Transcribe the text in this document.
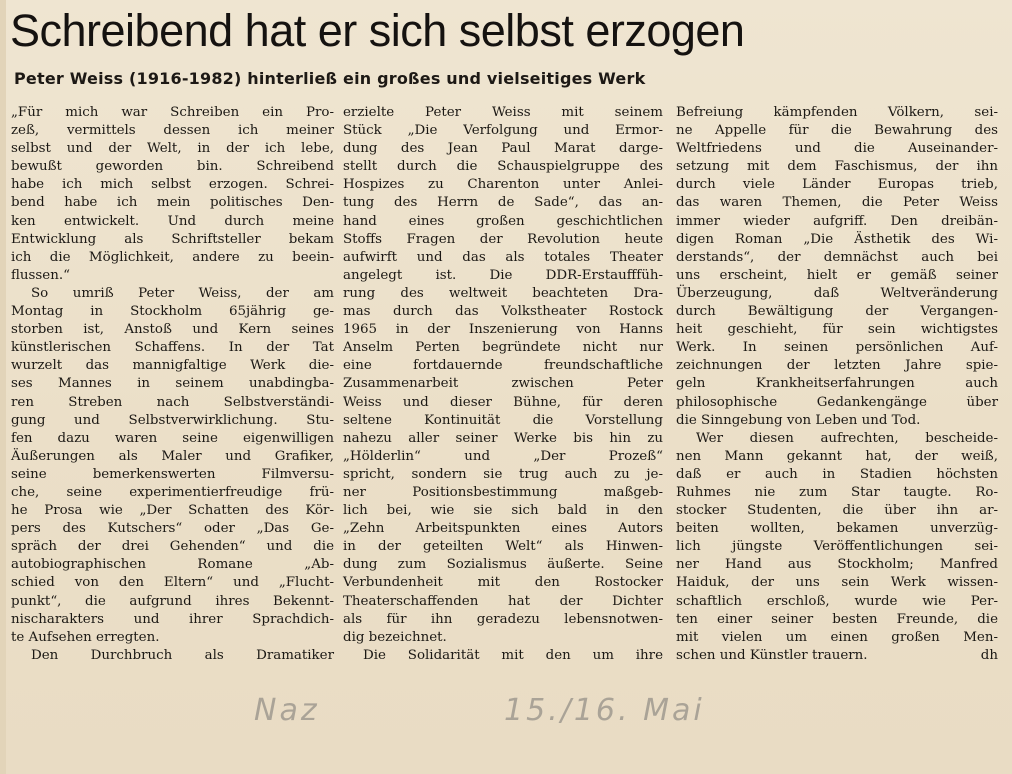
Schreibend hat er sich selbst erzogen
Peter Weiss (1916-1982) hinterließ ein großes und vielseitiges Werk

„Für mich war Schreiben ein Pro-
zeß, vermittels dessen ich meiner
selbst und der Welt, in der ich lebe,
bewußt geworden bin. Schreibend
habe ich mich selbst erzogen. Schrei-
bend habe ich mein politisches Den-
ken entwickelt. Und durch meine
Entwicklung als Schriftsteller bekam
ich die Möglichkeit, andere zu beein-
flussen.“

So umriß Peter Weiss, der am
Montag in Stockholm 65jährig ge-
storben ist, Anstoß und Kern seines
künstlerischen Schaffens. In der Tat
wurzelt das mannigfaltige Werk die-
ses Mannes in seinem unabdingba-
ren Streben nach Selbstverständi-
gung und Selbstverwirklichung. Stu-
fen dazu waren seine eigenwilligen
Äußerungen als Maler und Grafiker,
seine bemerkenswerten Filmversu-
che, seine experimentierfreudige frü-
he Prosa wie „Der Schatten des Kör-
pers des Kutschers“ oder „Das Ge-
spräch der drei Gehenden“ und die
autobiographischen Romane „Ab-
schied von den Eltern“ und „Flucht-
punkt“, die aufgrund ihres Bekennt-
nischarakters und ihrer Sprachdich-
te Aufsehen erregten.

Den Durchbruch als Dramatiker

erzielte Peter Weiss mit seinem
Stück „Die Verfolgung und Ermor-
dung des Jean Paul Marat darge-
stellt durch die Schauspielgruppe des
Hospizes zu Charenton unter Anlei-
tung des Herrn de Sade“, das an-
hand eines großen geschichtlichen
Stoffs Fragen der Revolution heute
aufwirft und das als totales Theater
angelegt ist. Die DDR-Erstaufffüh-
rung des weltweit beachteten Dra-
mas durch das Volkstheater Rostock
1965 in der Inszenierung von Hanns
Anselm Perten begründete nicht nur
eine fortdauernde freundschaftliche
Zusammenarbeit zwischen Peter
Weiss und dieser Bühne, für deren
seltene Kontinuität die Vorstellung
nahezu aller seiner Werke bis hin zu
„Hölderlin“ und „Der Prozeß“
spricht, sondern sie trug auch zu je-
ner Positionsbestimmung maßgeb-
lich bei, wie sie sich bald in den
„Zehn Arbeitspunkten eines Autors
in der geteilten Welt“ als Hinwen-
dung zum Sozialismus äußerte. Seine
Verbundenheit mit den Rostocker
Theaterschaffenden hat der Dichter
als für ihn geradezu lebensnotwen-
dig bezeichnet.

Die Solidarität mit den um ihre

Befreiung kämpfenden Völkern, sei-
ne Appelle für die Bewahrung des
Weltfriedens und die Auseinander-
setzung mit dem Faschismus, der ihn
durch viele Länder Europas trieb,
das waren Themen, die Peter Weiss
immer wieder aufgriff. Den dreibän-
digen Roman „Die Ästhetik des Wi-
derstands“, der demnächst auch bei
uns erscheint, hielt er gemäß seiner
Überzeugung, daß Weltveränderung
durch Bewältigung der Vergangen-
heit geschieht, für sein wichtigstes
Werk. In seinen persönlichen Auf-
zeichnungen der letzten Jahre spie-
geln Krankheitserfahrungen auch
philosophische Gedankengänge über
die Sinngebung von Leben und Tod.

Wer diesen aufrechten, bescheide-
nen Mann gekannt hat, der weiß,
daß er auch in Stadien höchsten
Ruhmes nie zum Star taugte. Ro-
stocker Studenten, die über ihn ar-
beiten wollten, bekamen unverzüg-
lich jüngste Veröffentlichungen sei-
ner Hand aus Stockholm; Manfred
Haiduk, der uns sein Werk wissen-
schaftlich erschloß, wurde wie Per-
ten einer seiner besten Freunde, die
mit vielen um einen großen Men-
schen und Künstler trauern.	dh

Naz	15./16. Mai
